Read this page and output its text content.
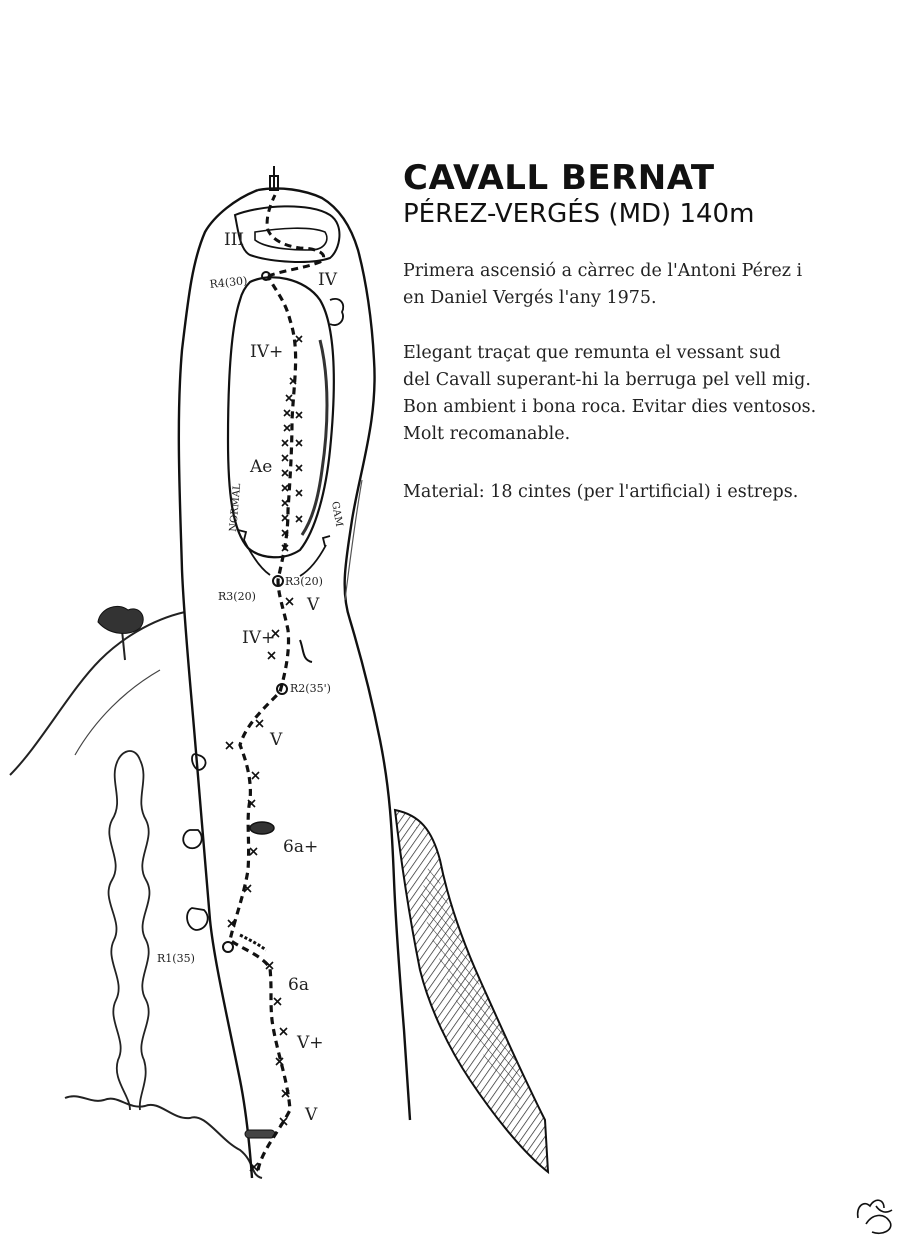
R4(30)
R3(20)
R3(20)
R2(35')
R1(35)
III
IV
IV+
Ae
V
IV+
V
6a+
6a
V+
V
NORMAL	GAM
CAVALL BERNAT
PÉREZ-VERGÉS (MD) 140m
Primera ascensió a càrrec de l'Antoni Pérez i
en Daniel Vergés l'any 1975.
Elegant traçat que remunta el vessant sud
del Cavall superant-hi la berruga pel vell mig.
Bon ambient i bona roca. Evitar dies ventosos.
Molt recomanable.
Material: 18 cintes (per l'artificial) i estreps.
